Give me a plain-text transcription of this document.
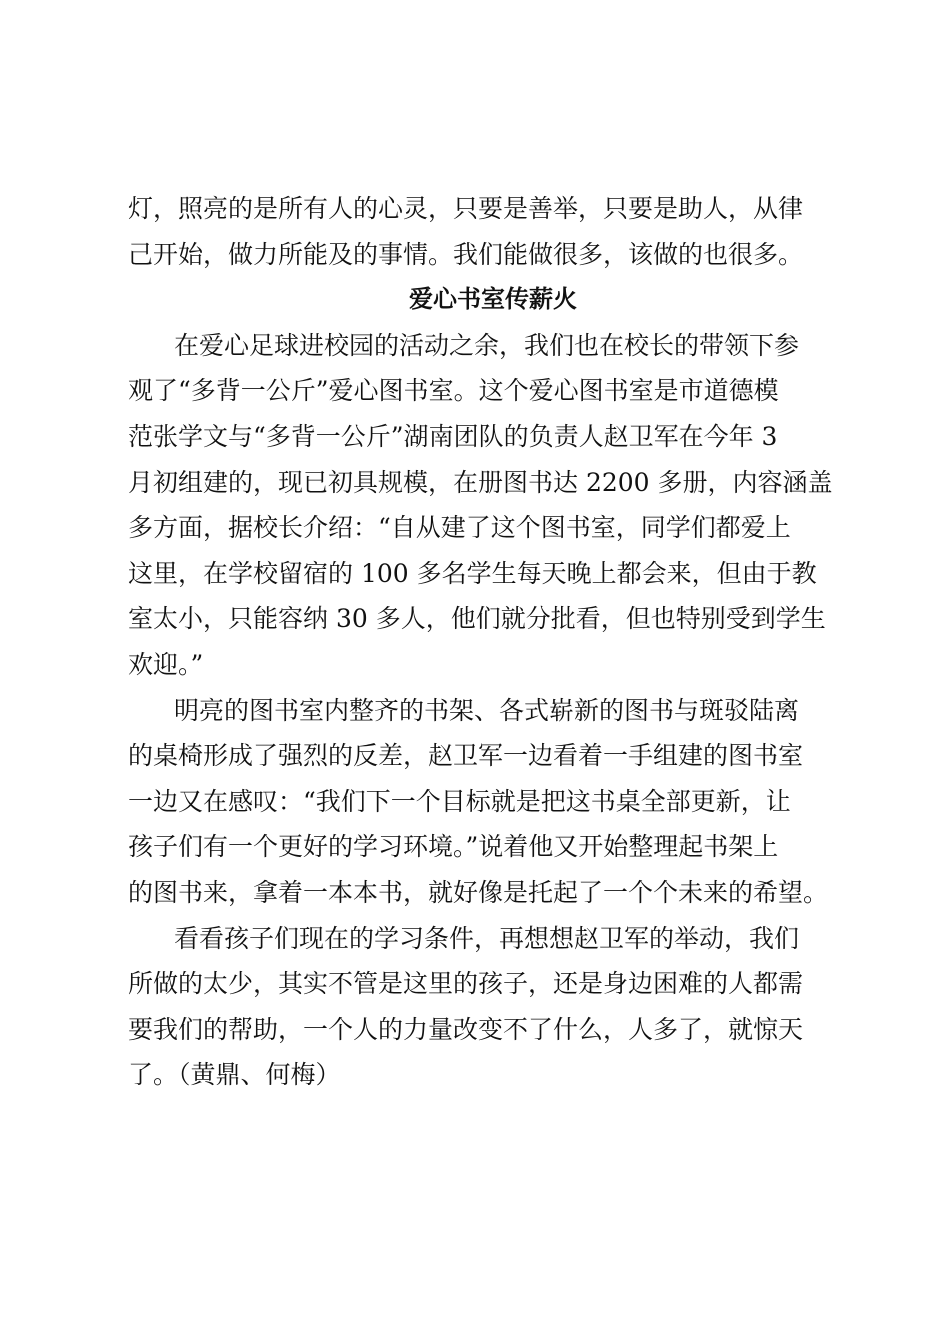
灯，照亮的是所有人的心灵，只要是善举，只要是助人，从律
己开始，做力所能及的事情。我们能做很多，该做的也很多。
爱心书室传薪火
在爱心足球进校园的活动之余，我们也在校长的带领下参
观了“多背一公斤”爱心图书室。这个爱心图书室是市道德模
范张学文与“多背一公斤”湖南团队的负责人赵卫军在今年 3
月初组建的，现已初具规模，在册图书达 2200 多册，内容涵盖
多方面，据校长介绍：“自从建了这个图书室，同学们都爱上
这里，在学校留宿的 100 多名学生每天晚上都会来，但由于教
室太小，只能容纳 30 多人，他们就分批看，但也特别受到学生
欢迎。”
明亮的图书室内整齐的书架、各式崭新的图书与斑驳陆离
的桌椅形成了强烈的反差，赵卫军一边看着一手组建的图书室
一边又在感叹：“我们下一个目标就是把这书桌全部更新，让
孩子们有一个更好的学习环境。”说着他又开始整理起书架上
的图书来，拿着一本本书，就好像是托起了一个个未来的希望。
看看孩子们现在的学习条件，再想想赵卫军的举动，我们
所做的太少，其实不管是这里的孩子，还是身边困难的人都需
要我们的帮助，一个人的力量改变不了什么，人多了，就惊天
了。（黄鼎、何梅）
